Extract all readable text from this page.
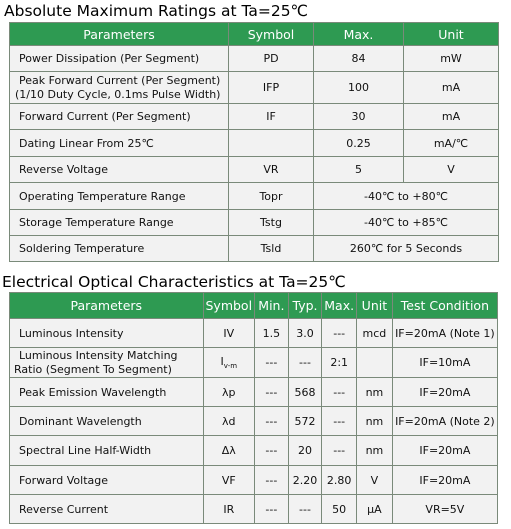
Absolute Maximum Ratings at Ta=25℃
Parameters	Symbol	Max.	Unit
Power Dissipation (Per Segment)	PD	84	mW

Peak Forward Current (Per Segment)
(1/10 Duty Cycle, 0.1ms Pulse Width)	IFP	100	mA
Forward Current (Per Segment)	IF	30	mA
Dating Linear From 25℃		0.25	mA/℃
Reverse Voltage	VR	5	V
Operating Temperature Range	Topr	-40℃ to +80℃	
Storage Temperature Range	Tstg	-40℃ to +85℃	
Soldering Temperature	Tsld	260℃ for 5 Seconds	
Electrical Optical Characteristics at Ta=25℃
Parameters	Symbol	Min.	Typ.	Max.	Unit	Test Condition
Luminous Intensity	IV	1.5	3.0	---	mcd	IF=20mA (Note 1)

Luminous Intensity Matching
Ratio (Segment To Segment)	$I_{v-m}$	---	---	2:1		IF=10mA
Peak Emission Wavelength	λp	---	568	---	nm	IF=20mA
Dominant Wavelength	λd	---	572	---	nm	IF=20mA (Note 2)
Spectral Line Half-Width	Δλ	---	20	---	nm	IF=20mA
Forward Voltage	VF	---	2.20	2.80	V	IF=20mA
Reverse Current	IR	---	---	50	μA	VR=5V
